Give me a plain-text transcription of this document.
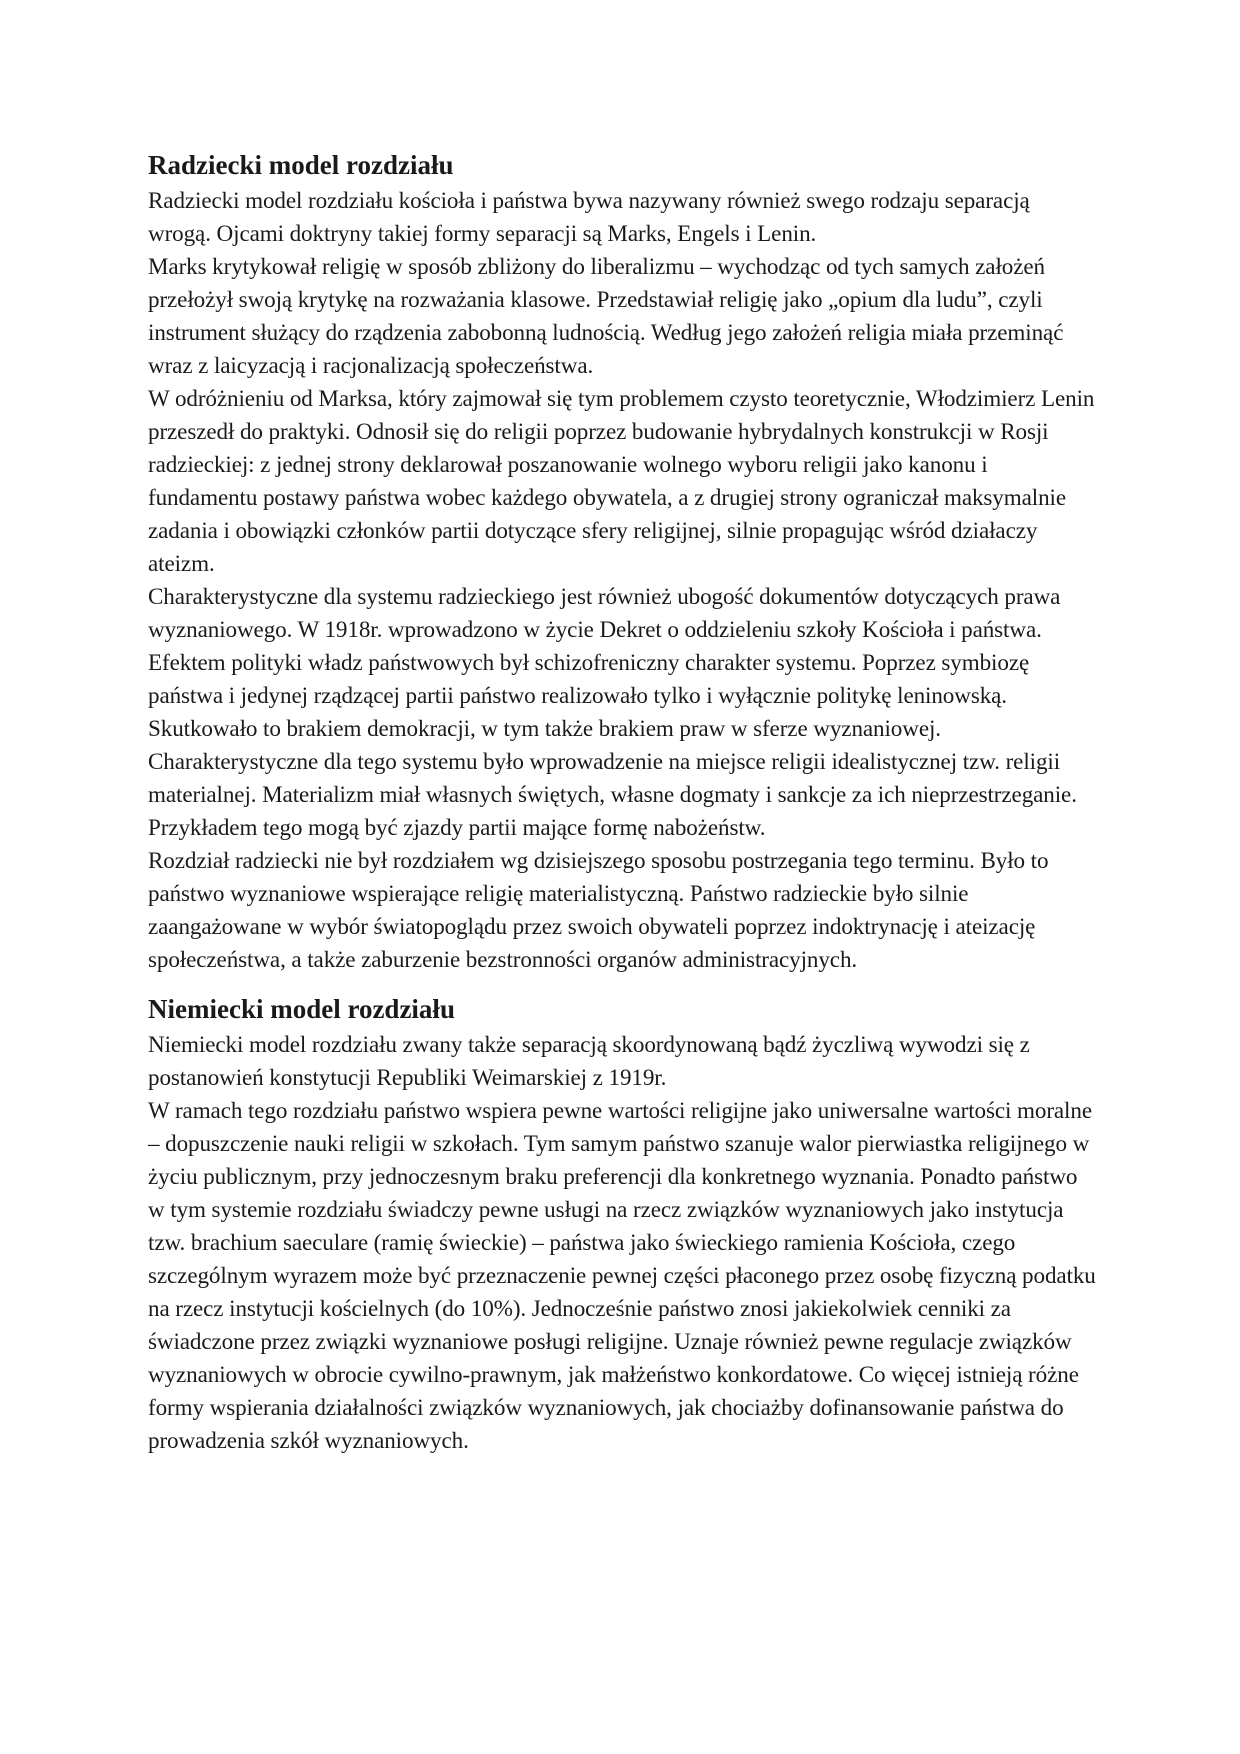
Radziecki model rozdziału

Radziecki model rozdziału kościoła i państwa bywa nazywany również swego rodzaju separacją wrogą. Ojcami doktryny takiej formy separacji są Marks, Engels i Lenin.

Marks krytykował religię w sposób zbliżony do liberalizmu – wychodząc od tych samych założeń przełożył swoją krytykę na rozważania klasowe. Przedstawiał religię jako „opium dla ludu”, czyli instrument służący do rządzenia zabobonną ludnością. Według jego założeń religia miała przeminąć wraz z laicyzacją i racjonalizacją społeczeństwa.

W odróżnieniu od Marksa, który zajmował się tym problemem czysto teoretycznie, Włodzimierz Lenin przeszedł do praktyki. Odnosił się do religii poprzez budowanie hybrydalnych konstrukcji w Rosji radzieckiej: z jednej strony deklarował poszanowanie wolnego wyboru religii jako kanonu i fundamentu postawy państwa wobec każdego obywatela, a z drugiej strony ograniczał maksymalnie zadania i obowiązki członków partii dotyczące sfery religijnej, silnie propagując wśród działaczy ateizm.

Charakterystyczne dla systemu radzieckiego jest również ubogość dokumentów dotyczących prawa wyznaniowego. W 1918r. wprowadzono w życie Dekret o oddzieleniu szkoły Kościoła i państwa.

Efektem polityki władz państwowych był schizofreniczny charakter systemu. Poprzez symbiozę państwa i jedynej rządzącej partii państwo realizowało tylko i wyłącznie politykę leninowską. Skutkowało to brakiem demokracji, w tym także brakiem praw w sferze wyznaniowej. Charakterystyczne dla tego systemu było wprowadzenie na miejsce religii idealistycznej tzw. religii materialnej. Materializm miał własnych świętych, własne dogmaty i sankcje za ich nieprzestrzeganie. Przykładem tego mogą być zjazdy partii mające formę nabożeństw.

Rozdział radziecki nie był rozdziałem wg dzisiejszego sposobu postrzegania tego terminu. Było to państwo wyznaniowe wspierające religię materialistyczną. Państwo radzieckie było silnie zaangażowane w wybór światopoglądu przez swoich obywateli poprzez indoktrynację i ateizację społeczeństwa, a także zaburzenie bezstronności organów administracyjnych.

Niemiecki model rozdziału

Niemiecki model rozdziału zwany także separacją skoordynowaną bądź życzliwą wywodzi się z postanowień konstytucji Republiki Weimarskiej z 1919r.

W ramach tego rozdziału państwo wspiera pewne wartości religijne jako uniwersalne wartości moralne – dopuszczenie nauki religii w szkołach. Tym samym państwo szanuje walor pierwiastka religijnego w życiu publicznym, przy jednoczesnym braku preferencji dla konkretnego wyznania. Ponadto państwo w tym systemie rozdziału świadczy pewne usługi na rzecz związków wyznaniowych jako instytucja tzw. brachium saeculare (ramię świeckie) – państwa jako świeckiego ramienia Kościoła, czego szczególnym wyrazem może być przeznaczenie pewnej części płaconego przez osobę fizyczną podatku na rzecz instytucji kościelnych (do 10%). Jednocześnie państwo znosi jakiekolwiek cenniki za świadczone przez związki wyznaniowe posługi religijne. Uznaje również pewne regulacje związków wyznaniowych w obrocie cywilno-prawnym, jak małżeństwo konkordatowe. Co więcej istnieją różne formy wspierania działalności związków wyznaniowych, jak chociażby dofinansowanie państwa do prowadzenia szkół wyznaniowych.
